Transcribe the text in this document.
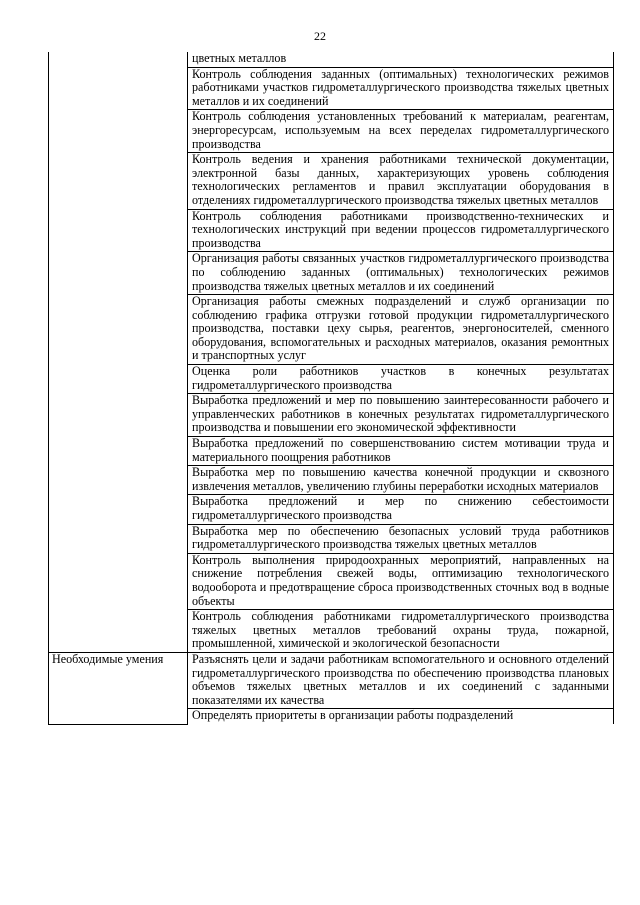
22
	цветных металлов
	Контроль соблюдения заданных (оптимальных) технологических режимов работниками участков гидрометаллургического производства тяжелых цветных металлов и их соединений
	Контроль соблюдения установленных требований к материалам, реагентам, энергоресурсам, используемым на всех переделах гидрометаллургического производства
	Контроль ведения и хранения работниками технической документации, электронной базы данных, характеризующих уровень соблюдения технологических регламентов и правил эксплуатации оборудования в отделениях гидрометаллургического производства тяжелых цветных металлов
	Контроль соблюдения работниками производственно-технических и технологических инструкций при ведении процессов гидрометаллургического производства
	Организация работы связанных участков гидрометаллургического производства по соблюдению заданных (оптимальных) технологических режимов производства тяжелых цветных металлов и их соединений
	Организация работы смежных подразделений и служб организации по соблюдению графика отгрузки готовой продукции гидрометаллургического производства, поставки цеху сырья, реагентов, энергоносителей, сменного оборудования, вспомогательных и расходных материалов, оказания ремонтных и транспортных услуг
	Оценка роли работников участков в конечных результатах гидрометаллургического производства
	Выработка предложений и мер по повышению заинтересованности рабочего и управленческих работников в конечных результатах гидрометаллургического производства и повышении его экономической эффективности
	Выработка предложений по совершенствованию систем мотивации труда и материального поощрения работников
	Выработка мер по повышению качества конечной продукции и сквозного извлечения металлов, увеличению глубины переработки исходных материалов
	Выработка предложений и мер по снижению себестоимости гидрометаллургического производства
	Выработка мер по обеспечению безопасных условий труда работников гидрометаллургического производства тяжелых цветных металлов
	Контроль выполнения природоохранных мероприятий, направленных на снижение потребления свежей воды, оптимизацию технологического водооборота и предотвращение сброса производственных сточных вод в водные объекты
	Контроль соблюдения работниками гидрометаллургического производства тяжелых цветных металлов требований охраны труда, пожарной, промышленной, химической и экологической безопасности
Необходимые умения	Разъяснять цели и задачи работникам вспомогательного и основного отделений гидрометаллургического производства по обеспечению производства плановых объемов тяжелых цветных металлов и их соединений с заданными показателями их качества
	Определять приоритеты в организации работы подразделений
